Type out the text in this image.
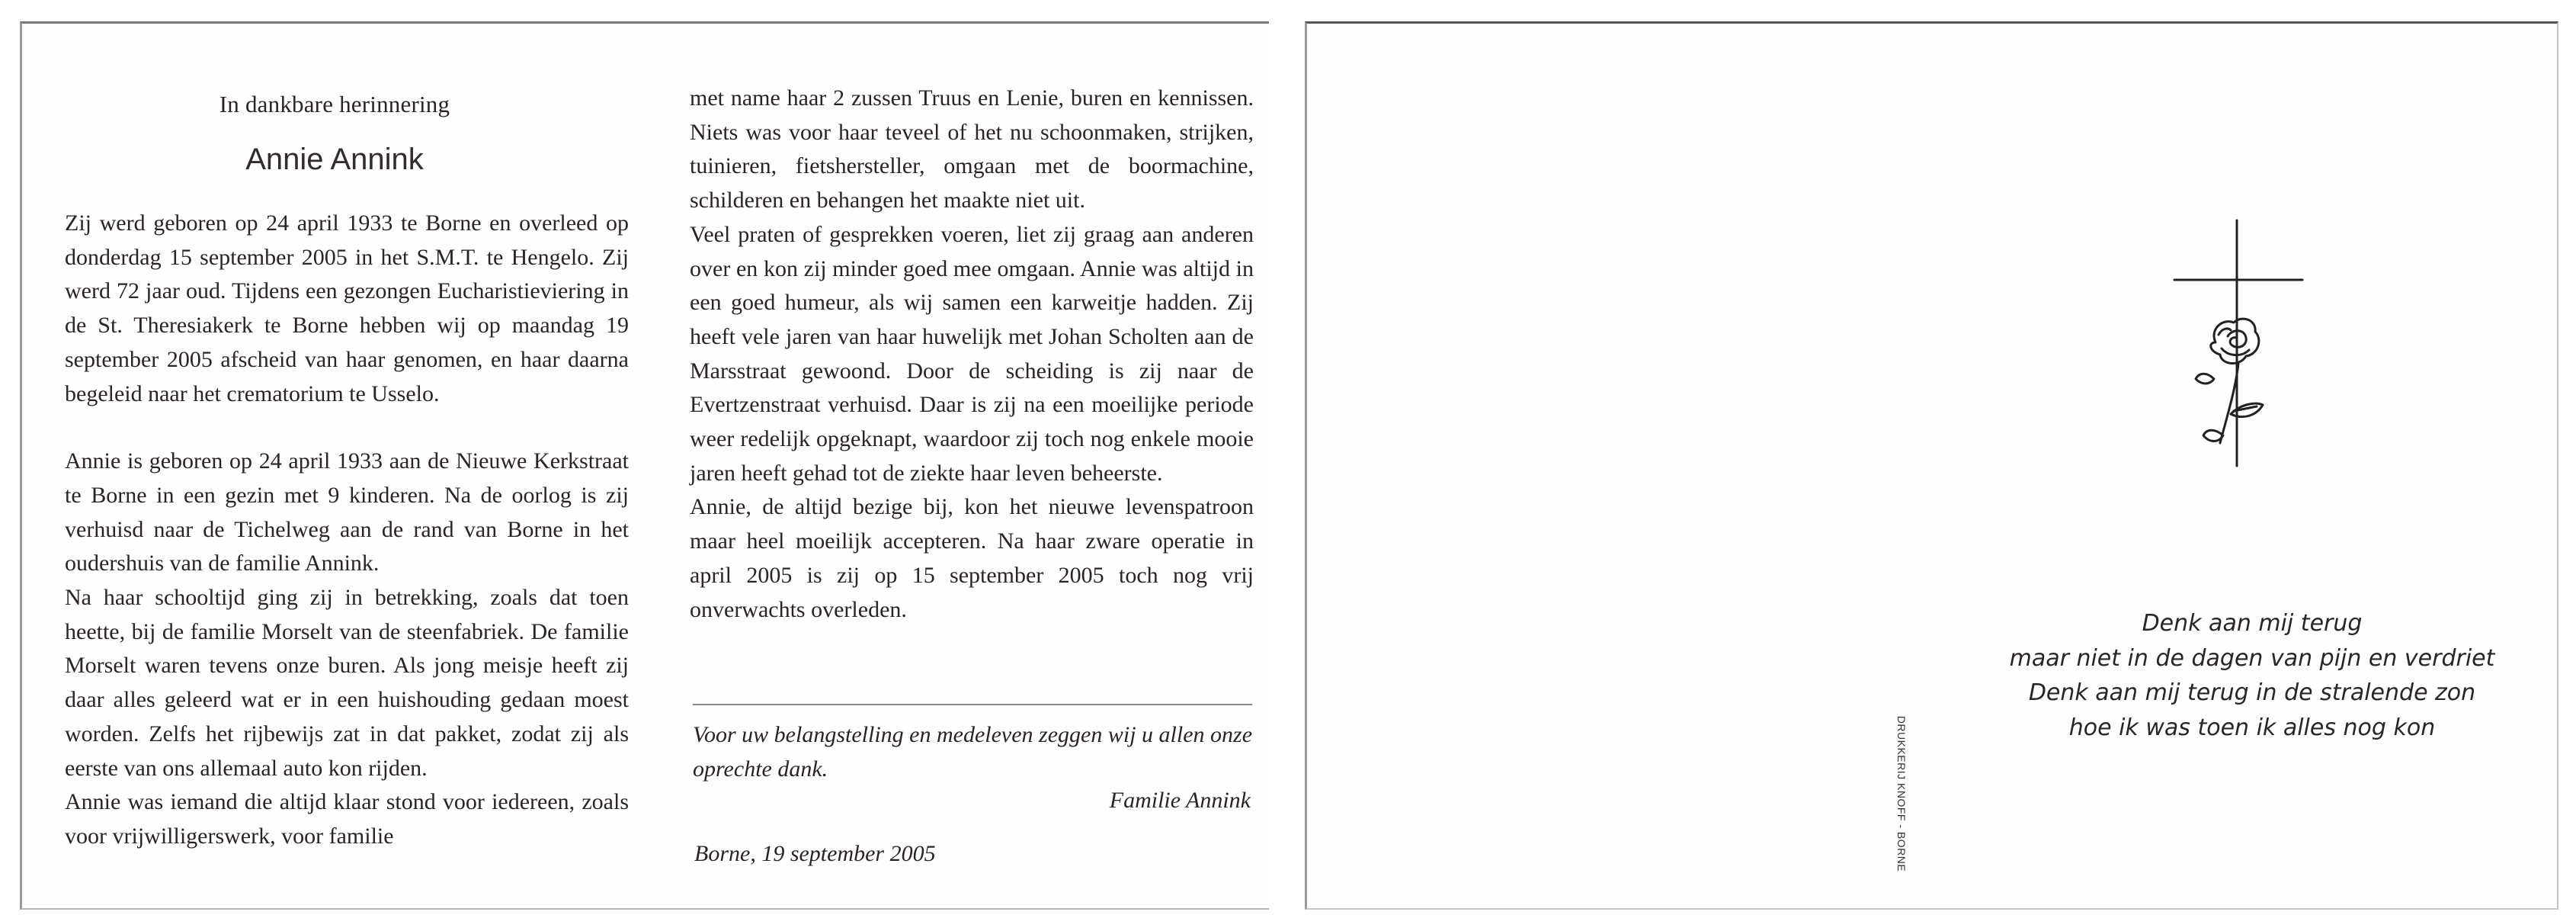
In dankbare herinnering
Annie Annink

Zij werd geboren op 24 april 1933 te Borne en overleed op donderdag 15 september 2005 in het S.M.T. te Hengelo. Zij werd 72 jaar oud. Tijdens een gezongen Eucharistieviering in de St. Theresiakerk te Borne hebben wij op maandag 19 september 2005 afscheid van haar genomen, en haar daarna begeleid naar het crematorium te Usselo.

Annie is geboren op 24 april 1933 aan de Nieuwe Kerkstraat te Borne in een gezin met 9 kinderen. Na de oorlog is zij verhuisd naar de Tichelweg aan de rand van Borne in het oudershuis van de familie Annink.

Na haar schooltijd ging zij in betrekking, zoals dat toen heette, bij de familie Morselt van de steenfabriek. De familie Morselt waren tevens onze buren. Als jong meisje heeft zij daar alles geleerd wat er in een huishouding gedaan moest worden. Zelfs het rijbewijs zat in dat pakket, zodat zij als eerste van ons allemaal auto kon rijden.

Annie was iemand die altijd klaar stond voor iedereen, zoals voor vrijwilligerswerk, voor familie

met name haar 2 zussen Truus en Lenie, buren en kennissen. Niets was voor haar teveel of het nu schoonmaken, strijken, tuinieren, fietshersteller, omgaan met de boormachine, schilderen en behangen het maakte niet uit.

Veel praten of gesprekken voeren, liet zij graag aan anderen over en kon zij minder goed mee omgaan. Annie was altijd in een goed humeur, als wij samen een karweitje hadden. Zij heeft vele jaren van haar huwelijk met Johan Scholten aan de Marsstraat gewoond. Door de scheiding is zij naar de Evertzenstraat verhuisd. Daar is zij na een moeilijke periode weer redelijk opgeknapt, waardoor zij toch nog enkele mooie jaren heeft gehad tot de ziekte haar leven beheerste.

Annie, de altijd bezige bij, kon het nieuwe levenspatroon maar heel moeilijk accepteren. Na haar zware operatie in april 2005 is zij op 15 september 2005 toch nog vrij onverwachts overleden.

Voor uw belangstelling en medeleven zeggen wij u allen onze oprechte dank.
Familie Annink
Borne, 19 september 2005
Denk aan mij terug
maar niet in de dagen van pijn en verdriet
Denk aan mij terug in de stralende zon
hoe ik was toen ik alles nog kon
DRUKKERIJ KNOFF - BORNE
